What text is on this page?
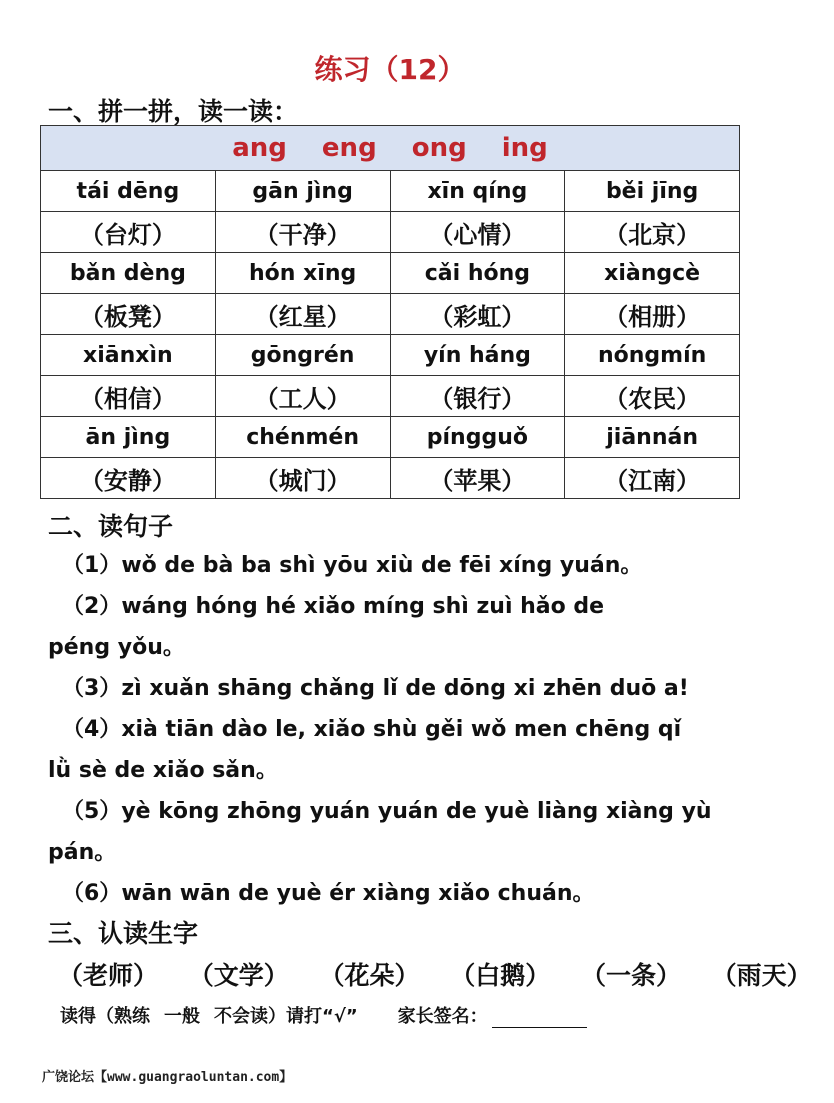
练习（12）
一、拼一拼，读一读：
ang eng ong ing			
tái dēng	gān jìng	xīn qíng	běi jīng
（台灯）	（干净）	（心情）	（北京）
bǎn dèng	hón xīng	cǎi hóng	xiàngcè
（板凳）	（红星）	（彩虹）	（相册）
xiānxìn	gōngrén	yín háng	nóngmín
（相信）	（工人）	（银行）	（农民）
ān jìng	chénmén	píngguǒ	jiānnán
（安静）	（城门）	（苹果）	（江南）
二、读句子

（1）wǒ de bà ba shì yōu xiù de fēi xíng yuán。

（2）wáng hóng hé xiǎo míng shì zuì hǎo de
péng yǒu。

（3）zì xuǎn shāng chǎng lǐ de dōng xi zhēn duō a!

（4）xià tiān dào le, xiǎo shù gěi wǒ men chēng qǐ
lǜ sè de xiǎo sǎn。

（5）yè kōng zhōng yuán yuán de yuè liàng xiàng yù
pán。

（6）wān wān de yuè ér xiàng xiǎo chuán。

三、认读生字
（老师） （文学） （花朵） （白鹅） （一条） （雨天）
读得（熟练 一般 不会读）请打“√” 家长签名：
广饶论坛【www.guangraoluntan.com】
